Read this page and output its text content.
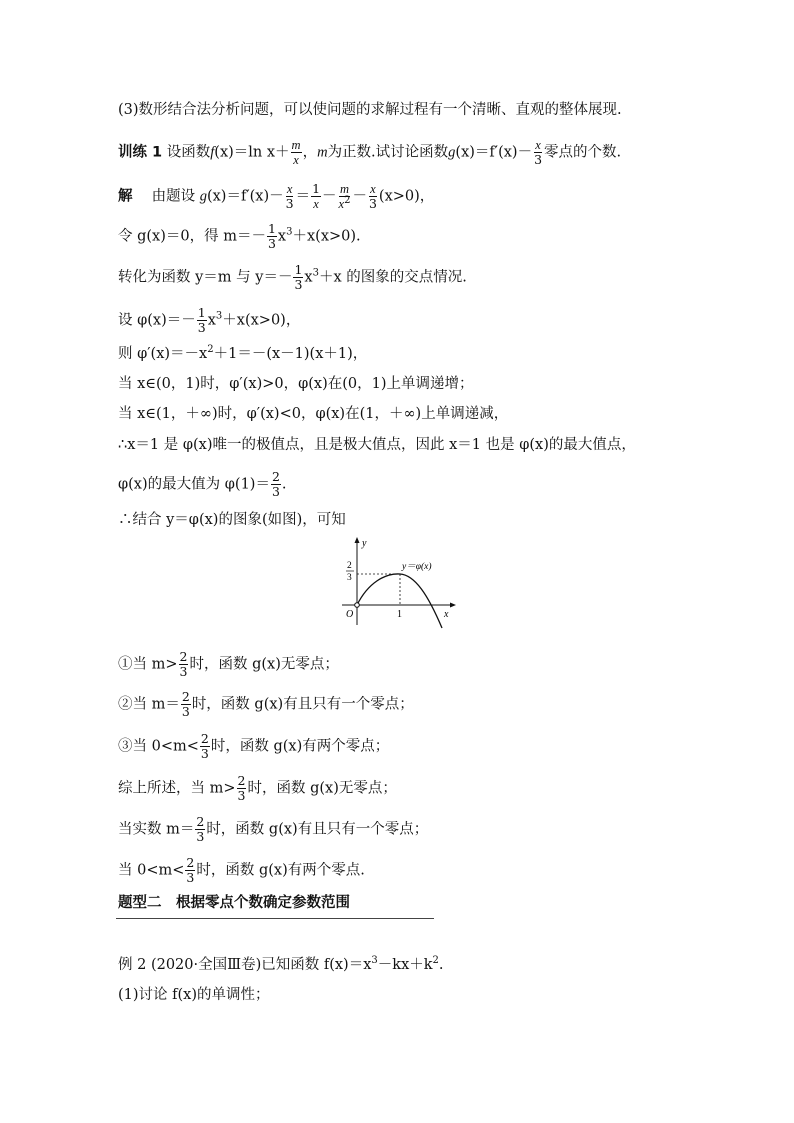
(3)数形结合法分析问题，可以使问题的求解过程有一个清晰、直观的整体展现.
训练 1 设函数f(x)＝ln $x+ \frac{m}{x}$ ，m为正数.试讨论函数$g(x)=f'(x)- \frac{x}{3}$ 零点的个数.
解　 由题设 $g(x)=f'(x)- \frac{x}{3} = \frac{1}{x} - \frac{m}{x^2} - \frac{x}{3} (x>0)$，
令 g(x)＝0，得 $m=- \frac{1}{3} x^3+x(x>0)$.
转化为函数 y＝m 与 $y=- \frac{1}{3} x^3+x$ 的图象的交点情况.
设 $\varphi(x)=- \frac{1}{3} x^3+x(x>0)$，
则 $\varphi'(x)=-x^2+1=-(x-1)(x+1)$，
当 x∈(0，1)时，φ′(x)>0，φ(x)在(0，1)上单调递增；
当 x∈(1，＋∞)时，φ′(x)<0，φ(x)在(1，＋∞)上单调递减，
∴x＝1 是 φ(x)唯一的极值点，且是极大值点，因此 x＝1 也是 φ(x)的最大值点，
φ(x)的最大值为 $\varphi(1)= \frac{2}{3}$ .
∴结合 y＝φ(x)的图象(如图)，可知
y
x
O	1
2
3
y＝φ(x)
①当 $m> \frac{2}{3}$ 时，函数 g(x)无零点；
②当 $m= \frac{2}{3}$ 时，函数 g(x)有且只有一个零点；
③当 $0<m< \frac{2}{3}$ 时，函数 g(x)有两个零点；
综上所述，当 $m> \frac{2}{3}$ 时，函数 g(x)无零点；
当实数 $m= \frac{2}{3}$ 时，函数 g(x)有且只有一个零点；
当 $0<m< \frac{2}{3}$ 时，函数 g(x)有两个零点.
题型二　根据零点个数确定参数范围
例 2 (2020·全国Ⅲ卷)已知函数 $f(x)=x^3-kx+k^2$.
(1)讨论 f(x)的单调性；
